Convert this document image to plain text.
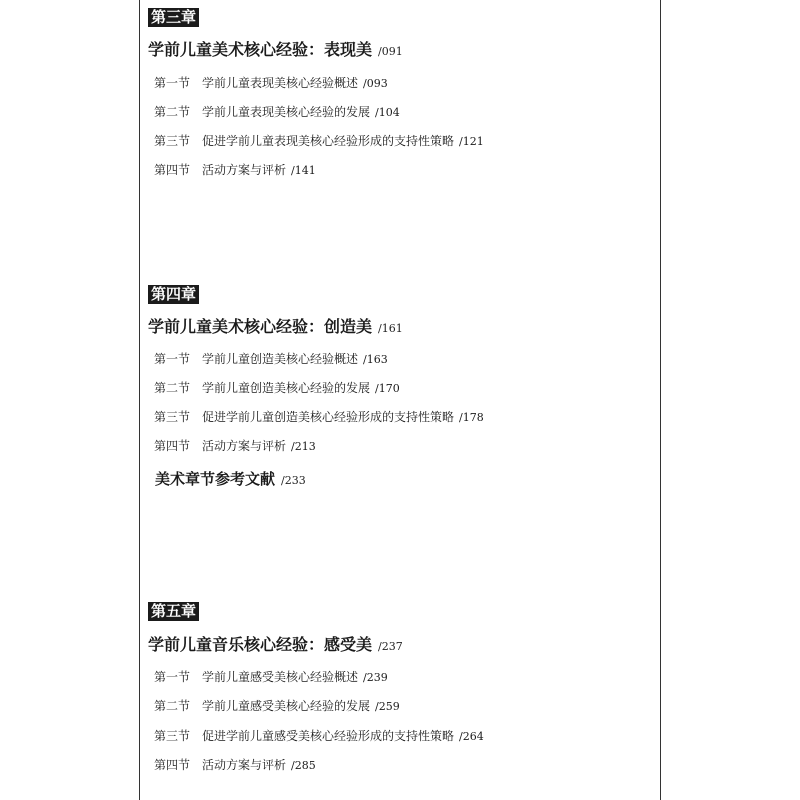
第三章
学前儿童美术核心经验：表现美 /091
第一节 学前儿童表现美核心经验概述 /093
第二节 学前儿童表现美核心经验的发展 /104
第三节 促进学前儿童表现美核心经验形成的支持性策略 /121
第四节 活动方案与评析 /141
第四章
学前儿童美术核心经验：创造美 /161
第一节 学前儿童创造美核心经验概述 /163
第二节 学前儿童创造美核心经验的发展 /170
第三节 促进学前儿童创造美核心经验形成的支持性策略 /178
第四节 活动方案与评析 /213
美术章节参考文献 /233
第五章
学前儿童音乐核心经验：感受美 /237
第一节 学前儿童感受美核心经验概述 /239
第二节 学前儿童感受美核心经验的发展 /259
第三节 促进学前儿童感受美核心经验形成的支持性策略 /264
第四节 活动方案与评析 /285
